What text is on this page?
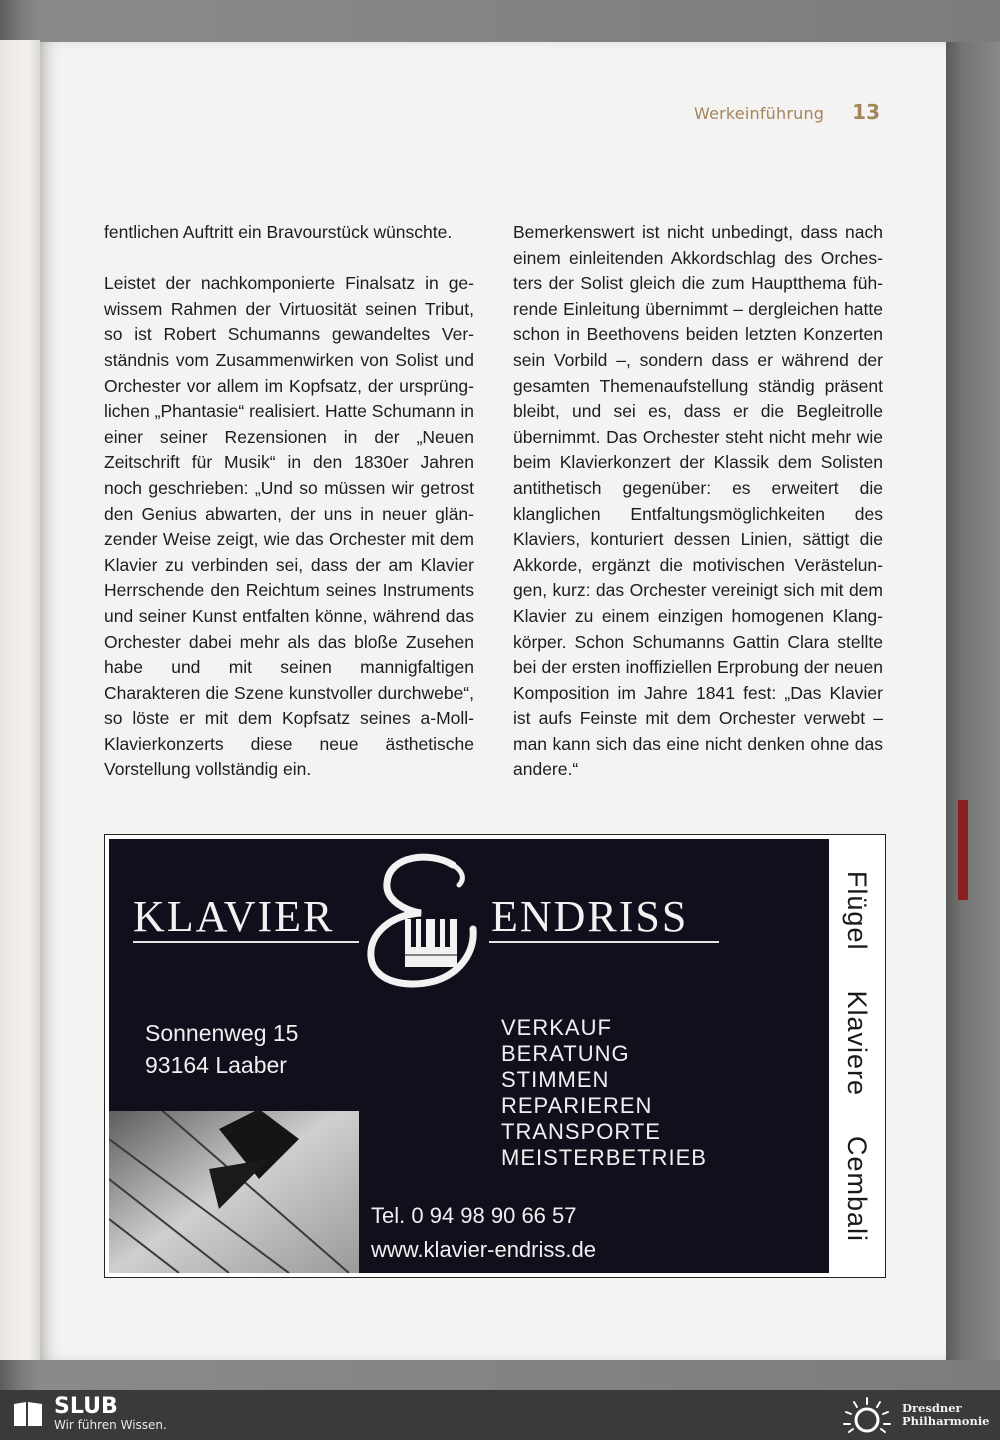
Werkeinführung 13

fentlichen Auftritt ein Bravourstück wünschte.

Leistet der nachkomponierte Finalsatz in gewissem Rahmen der Virtuosität seinen Tribut, so ist Robert Schumanns gewandeltes Verständnis vom Zusammenwirken von Solist und Orchester vor allem im Kopfsatz, der ursprünglichen „Phantasie“ realisiert. Hatte Schumann in einer seiner Rezensionen in der „Neuen Zeitschrift für Musik“ in den 1830er Jahren noch geschrieben: „Und so müssen wir getrost den Genius abwarten, der uns in neuer glänzender Weise zeigt, wie das Orchester mit dem Klavier zu verbinden sei, dass der am Klavier Herrschende den Reichtum seines Instruments und seiner Kunst entfalten könne, während das Orchester dabei mehr als das bloße Zusehen habe und mit seinen mannigfaltigen Charakteren die Szene kunstvoller durchwebe“, so löste er mit dem Kopfsatz seines a-Moll-Klavierkonzerts diese neue ästhetische Vorstellung vollständig ein.

Bemerkenswert ist nicht unbedingt, dass nach einem einleitenden Akkordschlag des Orchesters der Solist gleich die zum Hauptthema führende Einleitung übernimmt – dergleichen hatte schon in Beethovens beiden letzten Konzerten sein Vorbild –, sondern dass er während der gesamten Themenaufstellung ständig präsent bleibt, und sei es, dass er die Begleitrolle übernimmt. Das Orchester steht nicht mehr wie beim Klavierkonzert der Klassik dem Solisten antithetisch gegenüber: es erweitert die klanglichen Entfaltungsmöglichkeiten des Klaviers, konturiert dessen Linien, sättigt die Akkorde, ergänzt die motivischen Verästelungen, kurz: das Orchester vereinigt sich mit dem Klavier zu einem einzigen homogenen Klangkörper. Schon Schumanns Gattin Clara stellte bei der ersten inoffiziellen Erprobung der neuen Komposition im Jahre 1841 fest: „Das Klavier ist aufs Feinste mit dem Orchester verwebt – man kann sich das eine nicht denken ohne das andere.“

KLAVIER	ENDRISS
Sonnenweg 15
93164 Laaber
VERKAUF
BERATUNG
STIMMEN
REPARIEREN
TRANSPORTE
MEISTERBETRIEB
Tel. 0 94 98 90 66 57
www.klavier-endriss.de
Flügel
Klaviere
Cembali
SLUB
Wir führen Wissen.
Dresdner
Philharmonie
